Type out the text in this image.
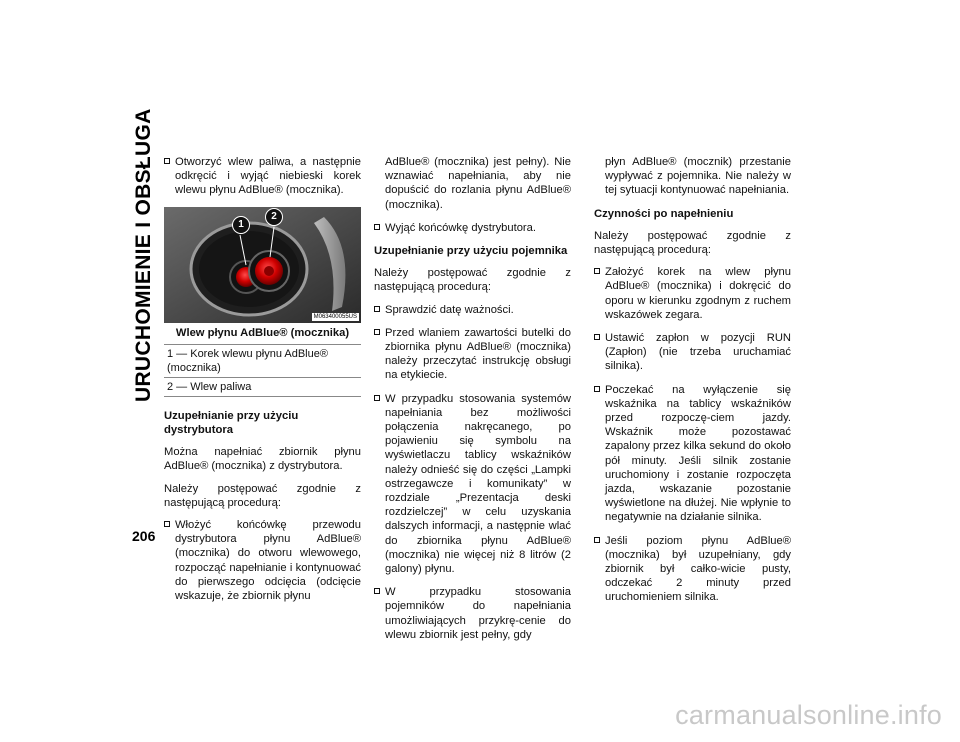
URUCHOMIENIE I OBSŁUGA
206
Otworzyć wlew paliwa, a następnie odkręcić i wyjąć niebieski korek wlewu płynu AdBlue® (mocznika).
1
2
M063400055US
Wlew płynu AdBlue® (mocznika)
1 — Korek wlewu płynu AdBlue® (mocznika)
2 — Wlew paliwa
Uzupełnianie przy użyciu dystrybutora

Można napełniać zbiornik płynu AdBlue® (mocznika) z dystrybutora.

Należy postępować zgodnie z następującą procedurą:

Włożyć końcówkę przewodu dystrybutora płynu AdBlue® (mocznika) do otworu wlewowego, rozpocząć napełnianie i kontynuować do pierwszego odcięcia (odcięcie wskazuje, że zbiornik płynu
AdBlue® (mocznika) jest pełny). Nie wznawiać napełniania, aby nie dopuścić do rozlania płynu AdBlue® (mocznika).
Wyjąć końcówkę dystrybutora.
Uzupełnianie przy użyciu pojemnika

Należy postępować zgodnie z następującą procedurą:

Sprawdzić datę ważności.
Przed wlaniem zawartości butelki do zbiornika płynu AdBlue® (mocznika) należy przeczytać instrukcję obsługi na etykiecie.
W przypadku stosowania systemów napełniania bez możliwości połączenia nakręcanego, po pojawieniu się symbolu na wyświetlaczu tablicy wskaźników należy odnieść się do części „Lampki ostrzegawcze i komunikaty” w rozdziale „Prezentacja deski rozdzielczej” w celu uzyskania dalszych informacji, a następnie wlać do zbiornika płynu AdBlue® (mocznika) nie więcej niż 8 litrów (2 galony) płynu.
W przypadku stosowania pojemników do napełniania umożliwiających przykrę-cenie do wlewu zbiornik jest pełny, gdy
płyn AdBlue® (mocznik) przestanie wypływać z pojemnika. Nie należy w tej sytuacji kontynuować napełniania.
Czynności po napełnieniu

Należy postępować zgodnie z następującą procedurą:

Założyć korek na wlew płynu AdBlue® (mocznika) i dokręcić do oporu w kierunku zgodnym z ruchem wskazówek zegara.
Ustawić zapłon w pozycji RUN (Zapłon) (nie trzeba uruchamiać silnika).
Poczekać na wyłączenie się wskaźnika na tablicy wskaźników przed rozpoczę-ciem jazdy. Wskaźnik może pozostawać zapalony przez kilka sekund do około pół minuty. Jeśli silnik zostanie uruchomiony i zostanie rozpoczęta jazda, wskazanie pozostanie wyświetlone na dłużej. Nie wpłynie to negatywnie na działanie silnika.
Jeśli poziom płynu AdBlue® (mocznika) był uzupełniany, gdy zbiornik był całko-wicie pusty, odczekać 2 minuty przed uruchomieniem silnika.
carmanualsonline.info
